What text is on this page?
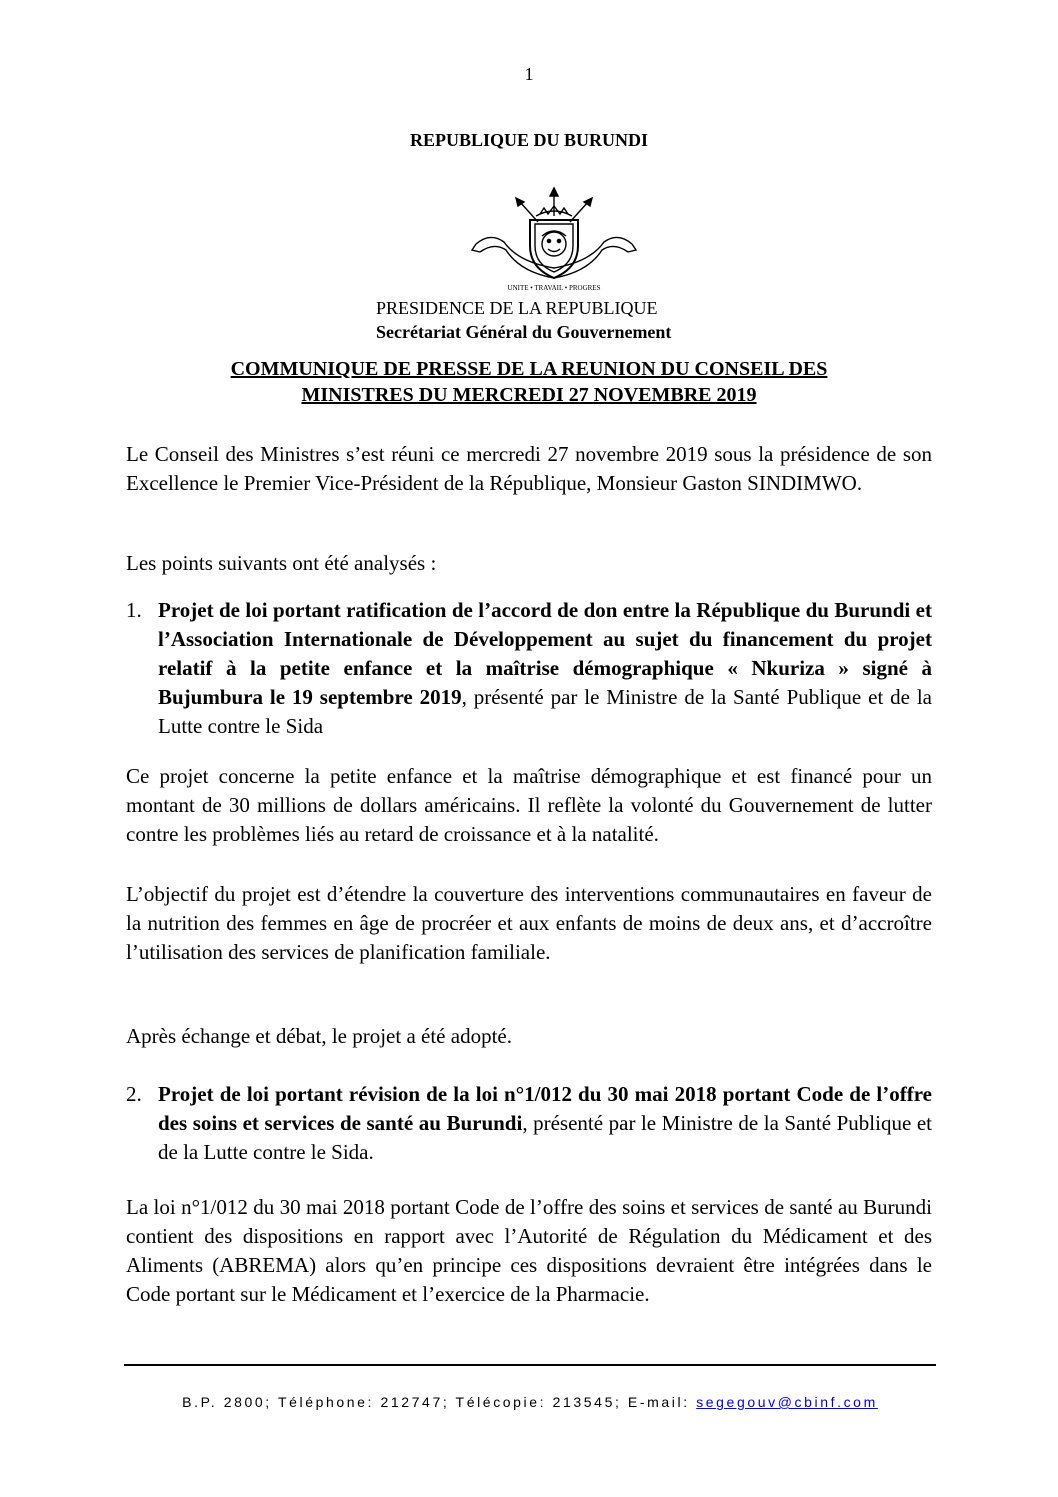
1
REPUBLIQUE DU BURUNDI
UNITE • TRAVAIL • PROGRES
PRESIDENCE DE LA REPUBLIQUE
Secrétariat Général du Gouvernement
COMMUNIQUE DE PRESSE DE LA REUNION DU CONSEIL DES
MINISTRES DU MERCREDI 27 NOVEMBRE 2019
Le Conseil des Ministres s’est réuni ce mercredi 27 novembre 2019 sous la présidence de son Excellence le Premier Vice-Président de la République, Monsieur Gaston SINDIMWO.
Les points suivants ont été analysés :
1. Projet de loi portant ratification de l’accord de don entre la République du Burundi et l’Association Internationale de Développement au sujet du financement du projet relatif à la petite enfance et la maîtrise démographique « Nkuriza » signé à Bujumbura le 19 septembre 2019, présenté par le Ministre de la Santé Publique et de la Lutte contre le Sida
Ce projet concerne la petite enfance et la maîtrise démographique et est financé pour un montant de 30 millions de dollars américains. Il reflète la volonté du Gouvernement de lutter contre les problèmes liés au retard de croissance et à la natalité.
L’objectif du projet est d’étendre la couverture des interventions communautaires en faveur de la nutrition des femmes en âge de procréer et aux enfants de moins de deux ans, et d’accroître l’utilisation des services de planification familiale.
Après échange et débat, le projet a été adopté.
2. Projet de loi portant révision de la loi n°1/012 du 30 mai 2018 portant Code de l’offre des soins et services de santé au Burundi, présenté par le Ministre de la Santé Publique et de la Lutte contre le Sida.
La loi n°1/012 du 30 mai 2018 portant Code de l’offre des soins et services de santé au Burundi contient des dispositions en rapport avec l’Autorité de Régulation du Médicament et des Aliments (ABREMA) alors qu’en principe ces dispositions devraient être intégrées dans le Code portant sur le Médicament et l’exercice de la Pharmacie.
B.P. 2800; Téléphone: 212747; Télécopie: 213545; E-mail: segegouv@cbinf.com
